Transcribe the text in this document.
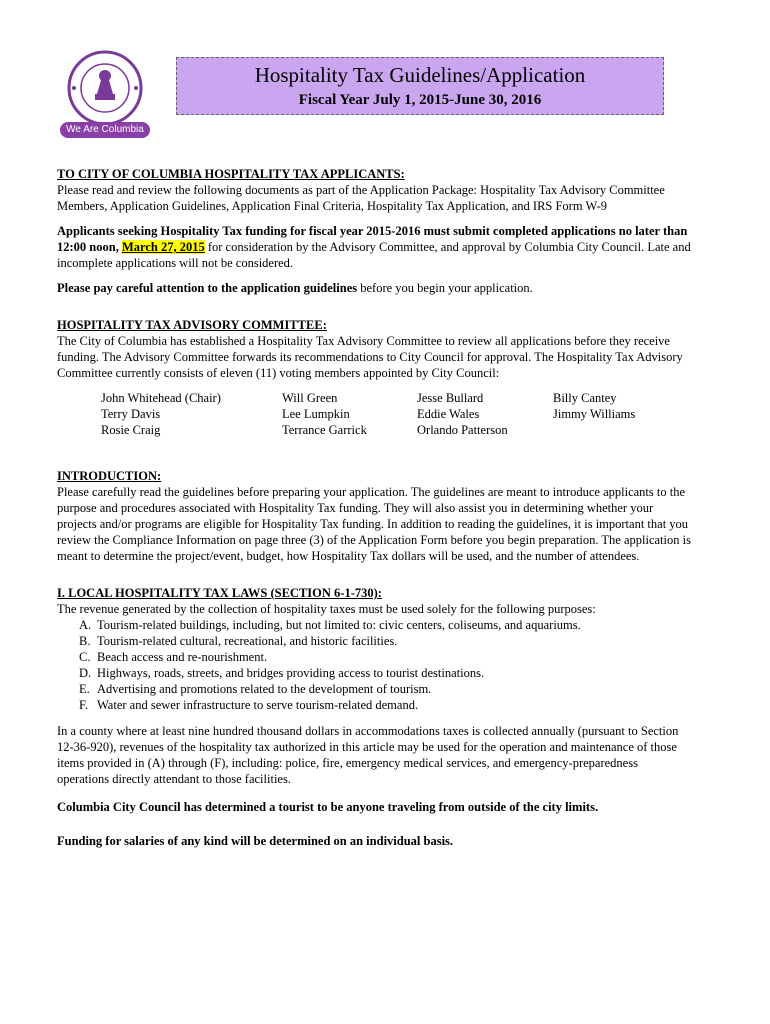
We Are Columbia
Hospitality Tax Guidelines/Application
Fiscal Year July 1, 2015-June 30, 2016
TO CITY OF COLUMBIA HOSPITALITY TAX APPLICANTS:

Please read and review the following documents as part of the Application Package: Hospitality Tax Advisory Committee Members, Application Guidelines, Application Final Criteria, Hospitality Tax Application, and IRS Form W-9

Applicants seeking Hospitality Tax funding for fiscal year 2015-2016 must submit completed applications no later than 12:00 noon, March 27, 2015 for consideration by the Advisory Committee, and approval by Columbia City Council. Late and incomplete applications will not be considered.

Please pay careful attention to the application guidelines before you begin your application.

HOSPITALITY TAX ADVISORY COMMITTEE:
The City of Columbia has established a Hospitality Tax Advisory Committee to review all applications before they receive funding. The Advisory Committee forwards its recommendations to City Council for approval. The Hospitality Tax Advisory Committee currently consists of eleven (11) voting members appointed by City Council:
John Whitehead (Chair)
Terry Davis
Rosie Craig
Will Green
Lee Lumpkin
Terrance Garrick
Jesse Bullard
Eddie Wales
Orlando Patterson
Billy Cantey
Jimmy Williams
INTRODUCTION:

Please carefully read the guidelines before preparing your application. The guidelines are meant to introduce applicants to the purpose and procedures associated with Hospitality Tax funding. They will also assist you in determining whether your projects and/or programs are eligible for Hospitality Tax funding. In addition to reading the guidelines, it is important that you review the Compliance Information on page three (3) of the Application Form before you begin preparation. The application is meant to determine the project/event, budget, how Hospitality Tax dollars will be used, and the number of attendees.

I. LOCAL HOSPITALITY TAX LAWS (SECTION 6-1-730):
The revenue generated by the collection of hospitality taxes must be used solely for the following purposes:
A. Tourism-related buildings, including, but not limited to: civic centers, coliseums, and aquariums.
B. Tourism-related cultural, recreational, and historic facilities.
C. Beach access and re-nourishment.
D. Highways, roads, streets, and bridges providing access to tourist destinations.
E. Advertising and promotions related to the development of tourism.
F. Water and sewer infrastructure to serve tourism-related demand.

In a county where at least nine hundred thousand dollars in accommodations taxes is collected annually (pursuant to Section 12-36-920), revenues of the hospitality tax authorized in this article may be used for the operation and maintenance of those items provided in (A) through (F), including: police, fire, emergency medical services, and emergency-preparedness operations directly attendant to those facilities.

Columbia City Council has determined a tourist to be anyone traveling from outside of the city limits.

Funding for salaries of any kind will be determined on an individual basis.
